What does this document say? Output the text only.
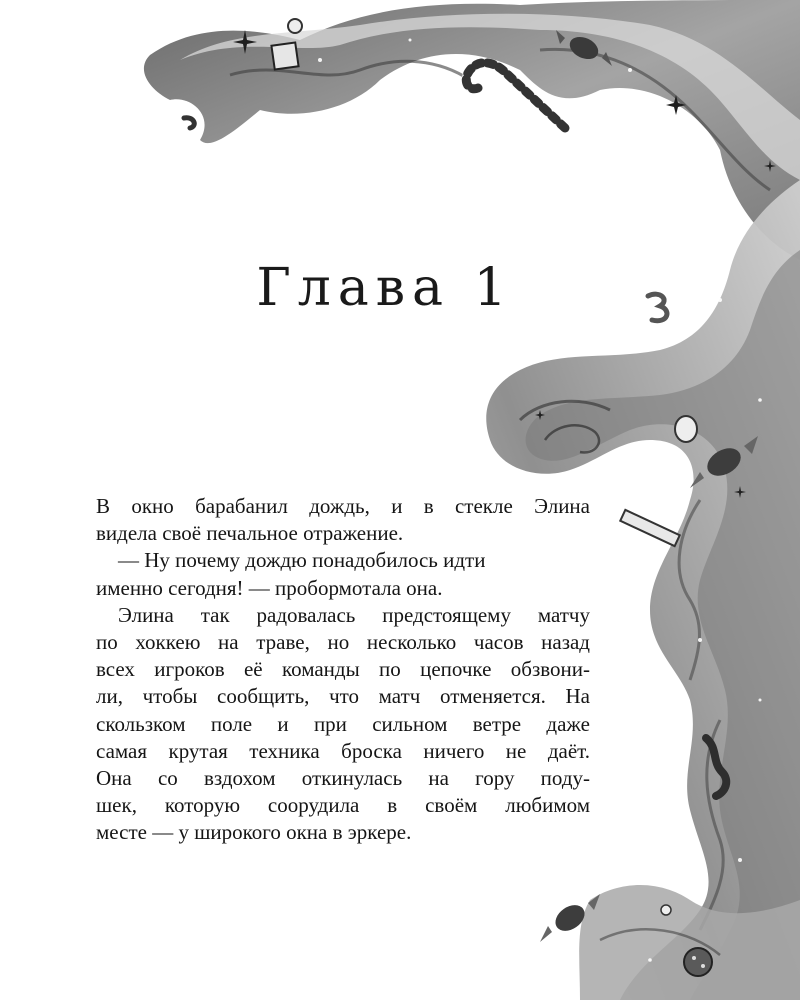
Глава 1
В окно барабанил дождь, и в стекле Элина
видела своё печальное отражение.
— Ну почему дождю понадобилось идти
именно сегодня! — пробормотала она.
Элина так радовалась предстоящему матчу
по хоккею на траве, но несколько часов назад
всех игроков её команды по цепочке обзвони-
ли, чтобы сообщить, что матч отменяется. На
скользком поле и при сильном ветре даже
самая крутая техника броска ничего не даёт.
Она со вздохом откинулась на гору поду-
шек, которую соорудила в своём любимом
месте — у широкого окна в эркере.
